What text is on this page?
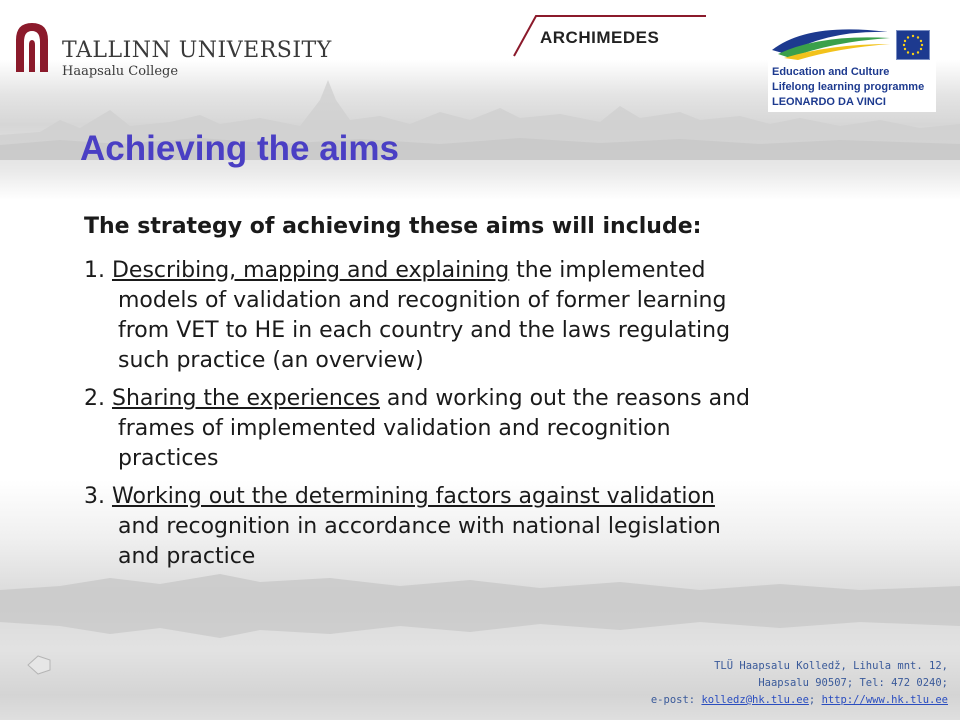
TALLINN UNIVERSITY
Haapsalu College
ARCHIMEDES
Education and Culture
Lifelong learning programme
LEONARDO DA VINCI
Achieving the aims
The strategy of achieving these aims will include:
1. Describing, mapping and explaining the implemented
models of validation and recognition of former learning
from VET to HE in each country and the laws regulating
such practice (an overview)
2. Sharing the experiences and working out the reasons and
frames of implemented validation and recognition
practices
3. Working out the determining factors against validation
and recognition in accordance with national legislation
and practice
TLÜ Haapsalu Kolledž, Lihula mnt. 12,
Haapsalu 90507; Tel: 472 0240;
e-post: kolledz@hk.tlu.ee; http://www.hk.tlu.ee
